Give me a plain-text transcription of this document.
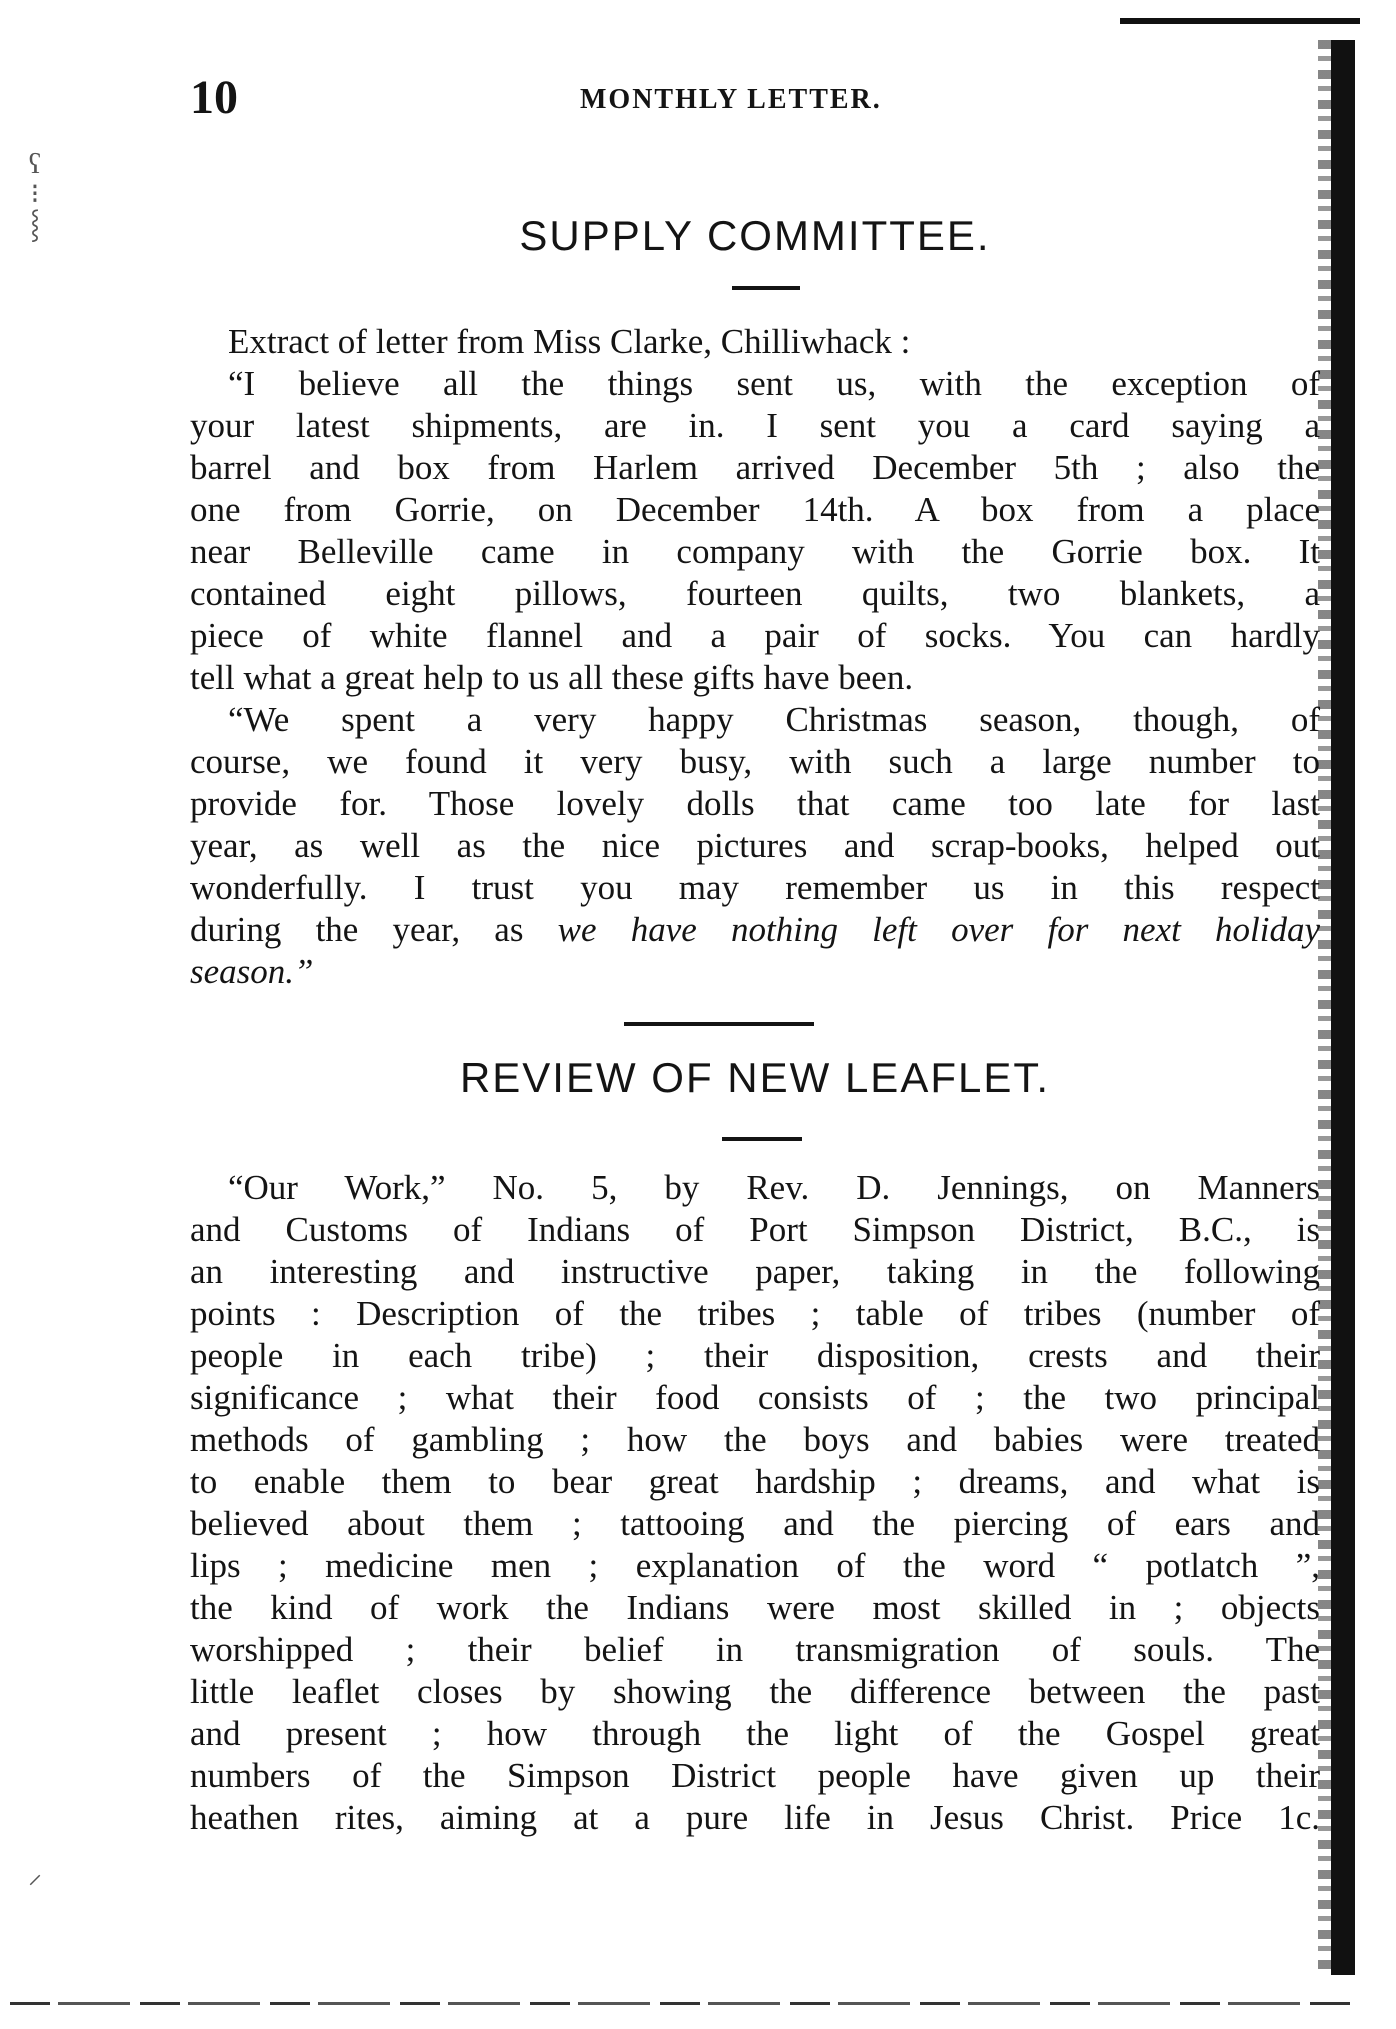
ʕ
⁝
⸾
⸝
10	MONTHLY LETTER.
SUPPLY COMMITTEE.
Extract of letter from Miss Clarke, Chilliwhack :
“I believe all the things sent us, with the exception of
your latest shipments, are in. I sent you a card saying a
barrel and box from Harlem arrived December 5th ; also the
one from Gorrie, on December 14th. A box from a place
near Belleville came in company with the Gorrie box. It
contained eight pillows, fourteen quilts, two blankets, a
piece of white flannel and a pair of socks. You can hardly
tell what a great help to us all these gifts have been.
“We spent a very happy Christmas season, though, of
course, we found it very busy, with such a large number to
provide for. Those lovely dolls that came too late for last
year, as well as the nice pictures and scrap-books, helped out
wonderfully. I trust you may remember us in this respect
during the year, as we have nothing left over for next holiday
season.”
REVIEW OF NEW LEAFLET.
“Our Work,” No. 5, by Rev. D. Jennings, on Manners
and Customs of Indians of Port Simpson District, B.C., is
an interesting and instructive paper, taking in the following
points : Description of the tribes ; table of tribes (number of
people in each tribe) ; their disposition, crests and their
significance ; what their food consists of ; the two principal
methods of gambling ; how the boys and babies were treated
to enable them to bear great hardship ; dreams, and what is
believed about them ; tattooing and the piercing of ears and
lips ; medicine men ; explanation of the word “ potlatch ”,
the kind of work the Indians were most skilled in ; objects
worshipped ; their belief in transmigration of souls. The
little leaflet closes by showing the difference between the past
and present ; how through the light of the Gospel great
numbers of the Simpson District people have given up their
heathen rites, aiming at a pure life in Jesus Christ. Price 1c.
